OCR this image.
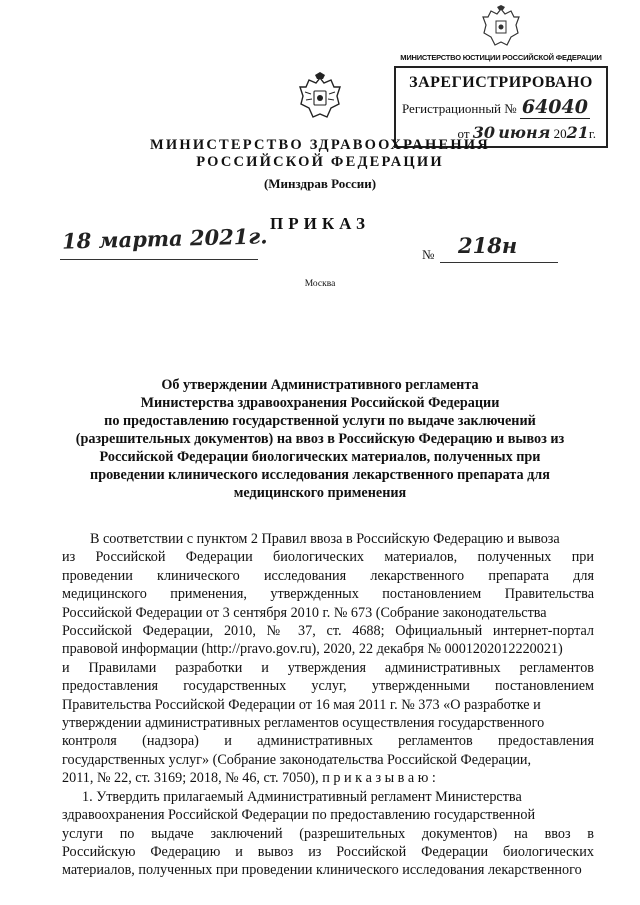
МИНИСТЕРСТВО ЮСТИЦИИ РОССИЙСКОЙ ФЕДЕРАЦИИ
ЗАРЕГИСТРИРОВАНО
Регистрационный № 64040
от 30 июня 2021г.
МИНИСТЕРСТВО ЗДРАВООХРАНЕНИЯ
РОССИЙСКОЙ ФЕДЕРАЦИИ
(Минздрав России)
ПРИКАЗ
18 марта 2021г.
№ 218н
Москва
Об утверждении Административного регламента
Министерства здравоохранения Российской Федерации
по предоставлению государственной услуги по выдаче заключений
(разрешительных документов) на ввоз в Российскую Федерацию и вывоз из
Российской Федерации биологических материалов, полученных при
проведении клинического исследования лекарственного препарата для
медицинского применения
В соответствии с пунктом 2 Правил ввоза в Российскую Федерацию и вывоза
из Российской Федерации биологических материалов, полученных при
проведении клинического исследования лекарственного препарата для
медицинского применения, утвержденных постановлением Правительства
Российской Федерации от 3 сентября 2010 г. № 673 (Собрание законодательства
Российской Федерации, 2010, № 37, ст. 4688; Официальный интернет-портал
правовой информации (http://pravo.gov.ru), 2020, 22 декабря № 0001202012220021)
и Правилами разработки и утверждения административных регламентов
предоставления государственных услуг, утвержденными постановлением
Правительства Российской Федерации от 16 мая 2011 г. № 373 «О разработке и
утверждении административных регламентов осуществления государственного
контроля (надзора) и административных регламентов предоставления
государственных услуг» (Собрание законодательства Российской Федерации,
2011, № 22, ст. 3169; 2018, № 46, ст. 7050), п р и к а з ы в а ю :
1. Утвердить прилагаемый Административный регламент Министерства
здравоохранения Российской Федерации по предоставлению государственной
услуги по выдаче заключений (разрешительных документов) на ввоз в
Российскую Федерацию и вывоз из Российской Федерации биологических
материалов, полученных при проведении клинического исследования лекарственного
